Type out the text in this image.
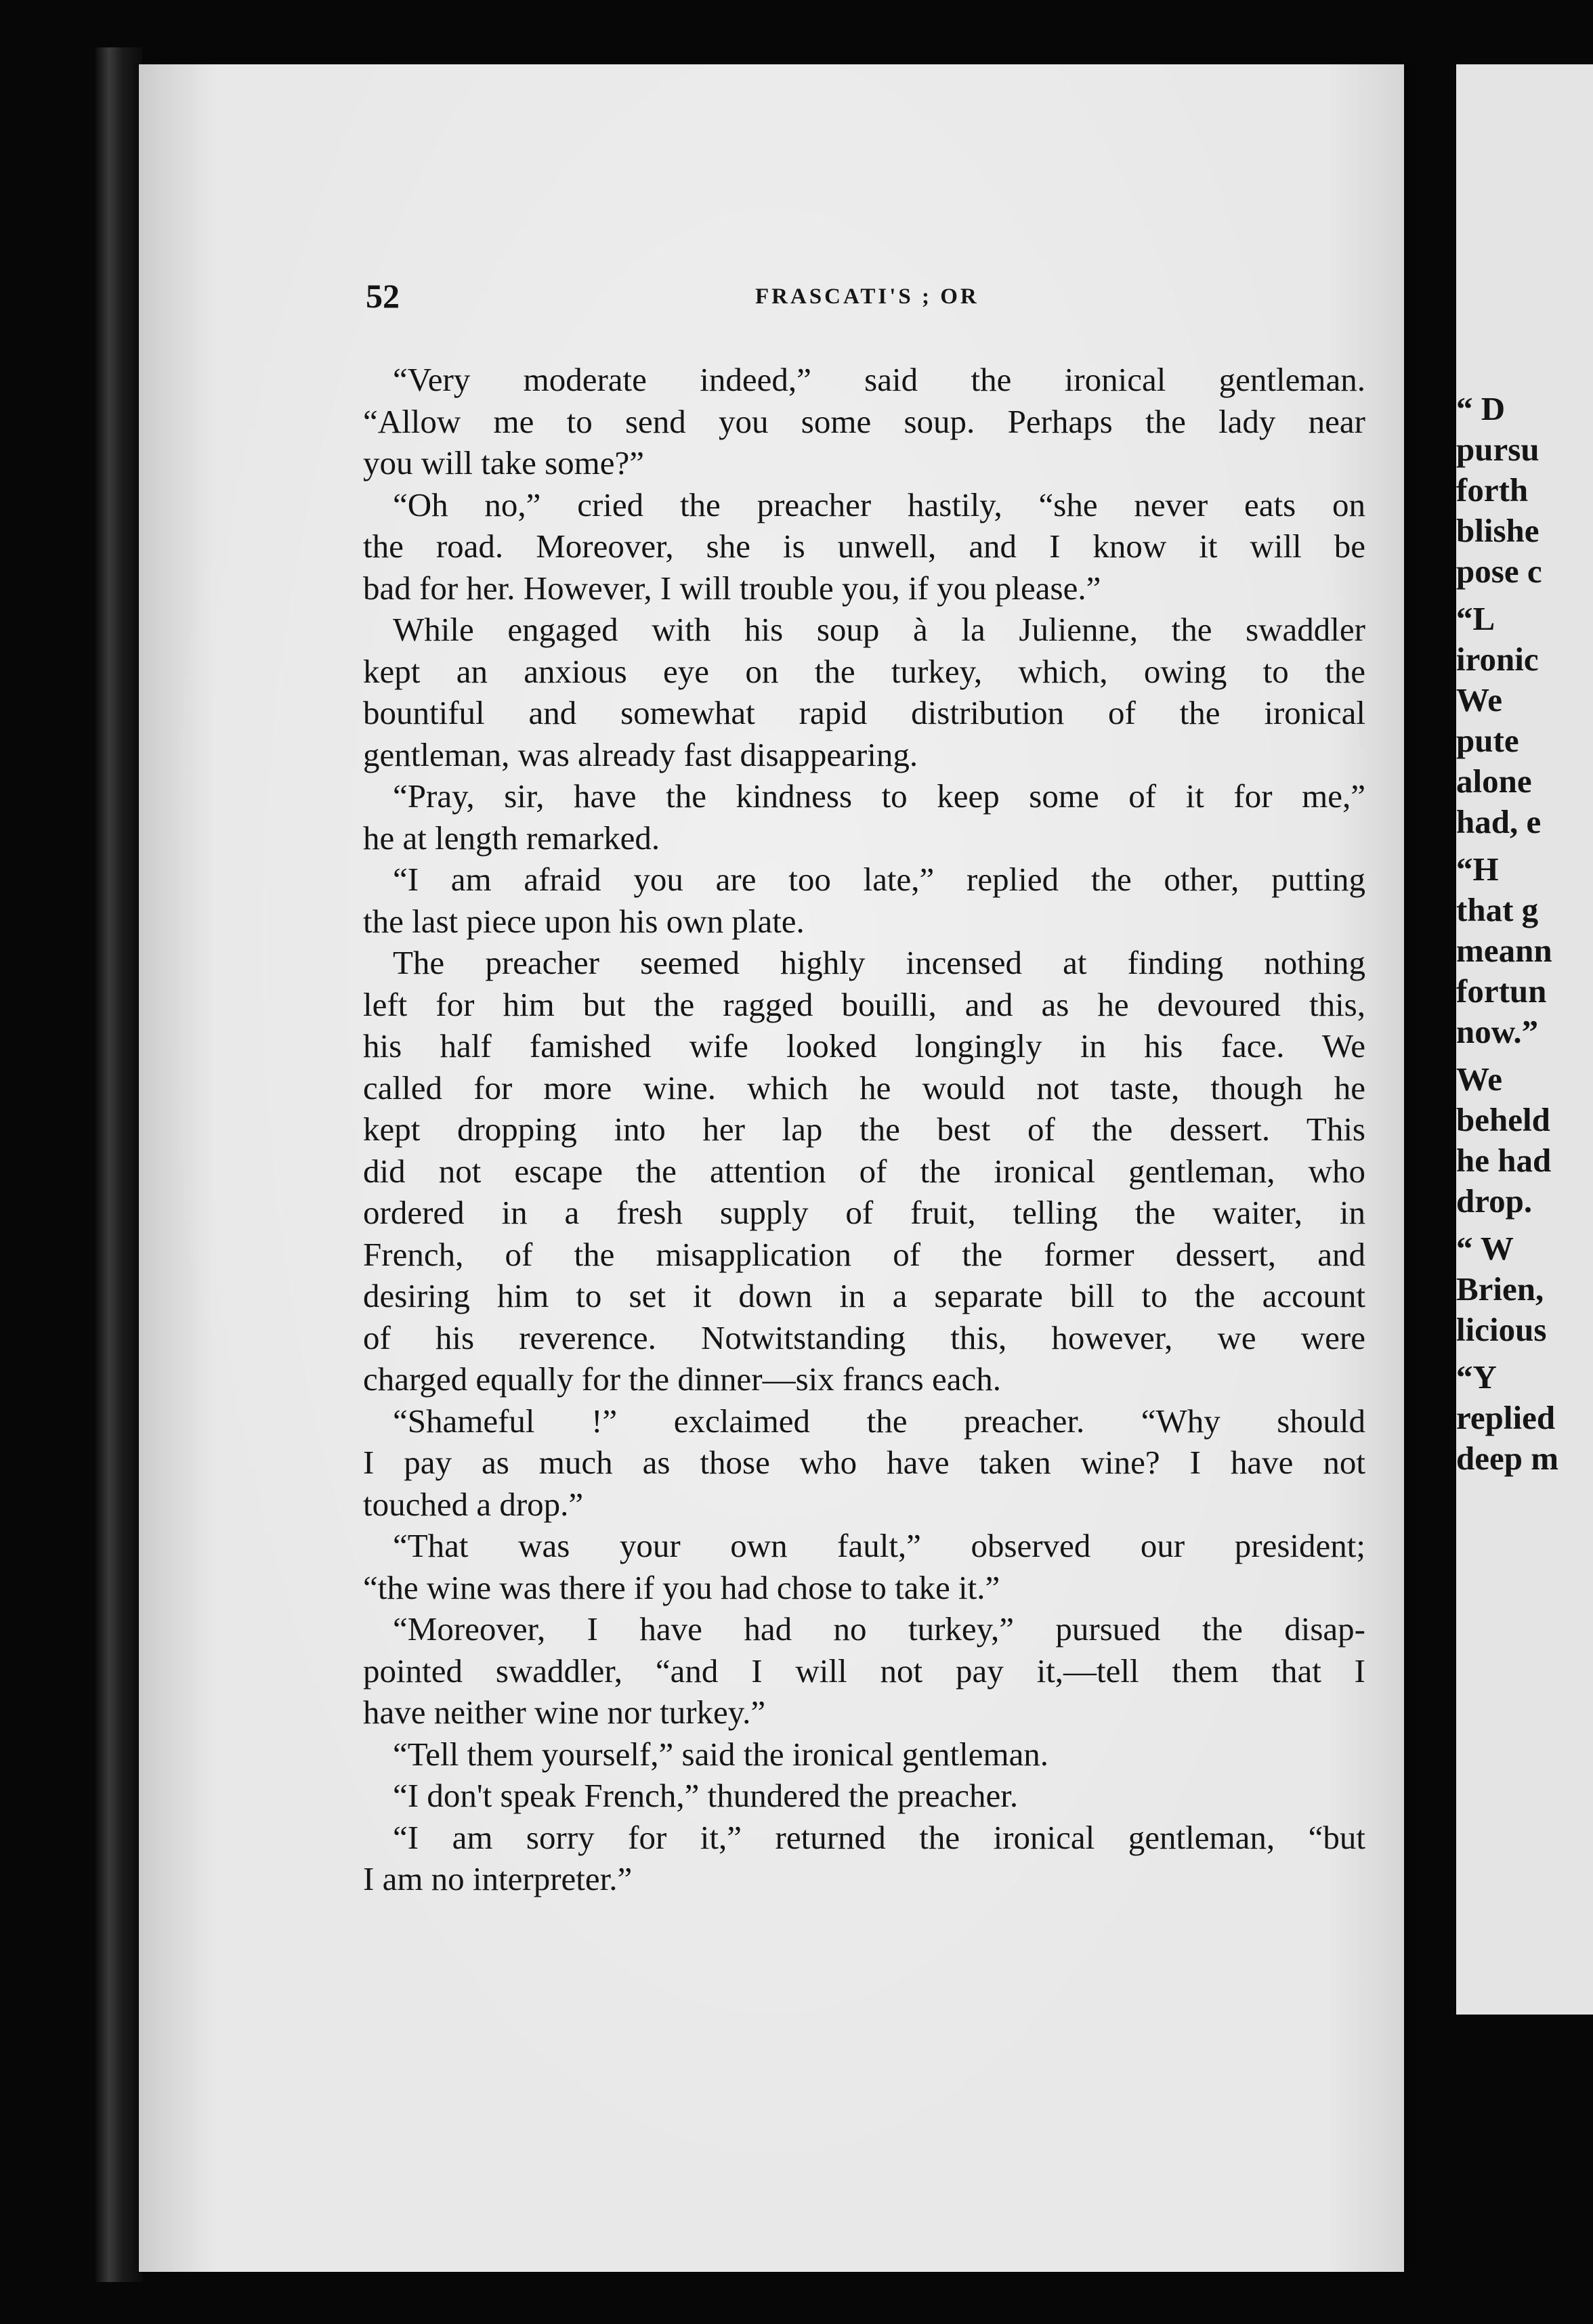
52	FRASCATI'S ; OR
“Very moderate indeed,” said the ironical gentleman.
“Allow me to send you some soup. Perhaps the lady near
you will take some?”
“Oh no,” cried the preacher hastily, “she never eats on
the road. Moreover, she is unwell, and I know it will be
bad for her. However, I will trouble you, if you please.”
While engaged with his soup à la Julienne, the swaddler
kept an anxious eye on the turkey, which, owing to the
bountiful and somewhat rapid distribution of the ironical
gentleman, was already fast disappearing.
“Pray, sir, have the kindness to keep some of it for me,”
he at length remarked.
“I am afraid you are too late,” replied the other, putting
the last piece upon his own plate.
The preacher seemed highly incensed at finding nothing
left for him but the ragged bouilli, and as he devoured this,
his half famished wife looked longingly in his face. We
called for more wine. which he would not taste, though he
kept dropping into her lap the best of the dessert. This
did not escape the attention of the ironical gentleman, who
ordered in a fresh supply of fruit, telling the waiter, in
French, of the misapplication of the former dessert, and
desiring him to set it down in a separate bill to the account
of his reverence. Notwitstanding this, however, we were
charged equally for the dinner—six francs each.
“Shameful !” exclaimed the preacher. “Why should
I pay as much as those who have taken wine? I have not
touched a drop.”
“That was your own fault,” observed our president;
“the wine was there if you had chose to take it.”
“Moreover, I have had no turkey,” pursued the disap-
pointed swaddler, “and I will not pay it,—tell them that I
have neither wine nor turkey.”
“Tell them yourself,” said the ironical gentleman.
“I don't speak French,” thundered the preacher.
“I am sorry for it,” returned the ironical gentleman, “but
I am no interpreter.”
“ D
pursu
forth
blishe
pose c
“L
ironic
We
pute
alone
had, e
“H
that g
meann
fortun
now.”
We
beheld
he had
drop.
“ W
Brien,
licious
“Y
replied
deep m
